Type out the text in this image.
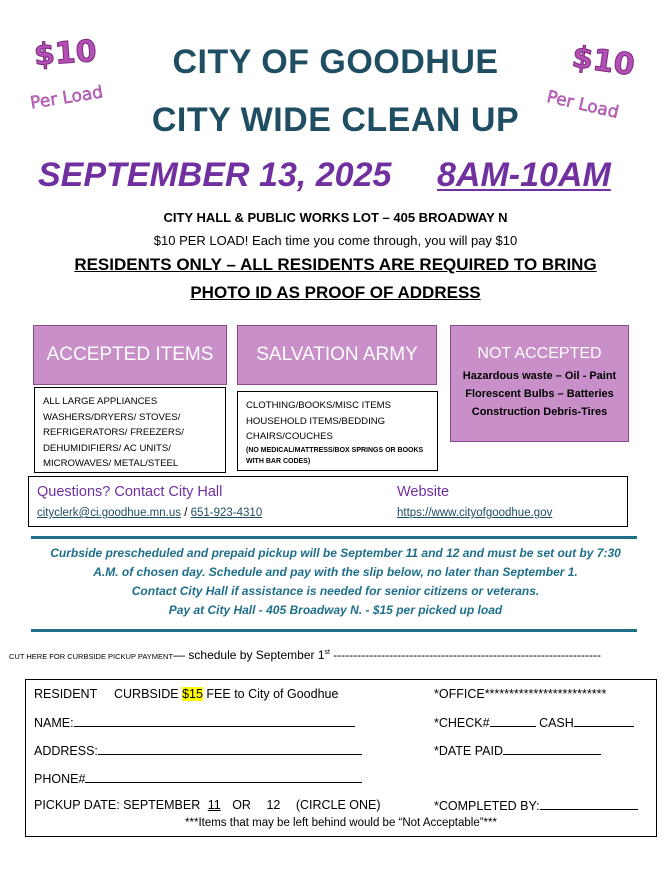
$10
Per Load
$10
Per Load
CITY OF GOODHUE
CITY WIDE CLEAN UP
SEPTEMBER 13, 2025 8AM-10AM
CITY HALL & PUBLIC WORKS LOT – 405 BROADWAY N
$10 PER LOAD! Each time you come through, you will pay $10
RESIDENTS ONLY – ALL RESIDENTS ARE REQUIRED TO BRING
PHOTO ID AS PROOF OF ADDRESS
ACCEPTED ITEMS
ALL LARGE APPLIANCES
WASHERS/DRYERS/ STOVES/
REFRIGERATORS/ FREEZERS/
DEHUMIDIFIERS/ AC UNITS/
MICROWAVES/ METAL/STEEL
SALVATION ARMY
CLOTHING/BOOKS/MISC ITEMS
HOUSEHOLD ITEMS/BEDDING
CHAIRS/COUCHES
(NO MEDICAL/MATTRESS/BOX SPRINGS OR BOOKS
WITH BAR CODES)
NOT ACCEPTED
Hazardous waste – Oil - Paint
Florescent Bulbs – Batteries
Construction Debris-Tires
Questions? Contact City Hall
cityclerk@ci.goodhue.mn.us / 651-923-4310
Website
https://www.cityofgoodhue.gov
Curbside prescheduled and prepaid pickup will be September 11 and 12 and must be set out by 7:30
A.M. of chosen day. Schedule and pay with the slip below, no later than September 1.
Contact City Hall if assistance is needed for senior citizens or veterans.
Pay at City Hall - 405 Broadway N. - $15 per picked up load
CUT HERE FOR CURBSIDE PICKUP PAYMENT— schedule by September 1st -------------------------------------------------------------------
RESIDENT CURBSIDE $15 FEE to City of Goodhue	*OFFICE*************************
NAME:	*CHECK#	CASH
ADDRESS:	*DATE PAID
PHONE#
PICKUP DATE: SEPTEMBER 11 OR 12 (CIRCLE ONE)	*COMPLETED BY:
***Items that may be left behind would be “Not Acceptable”***
